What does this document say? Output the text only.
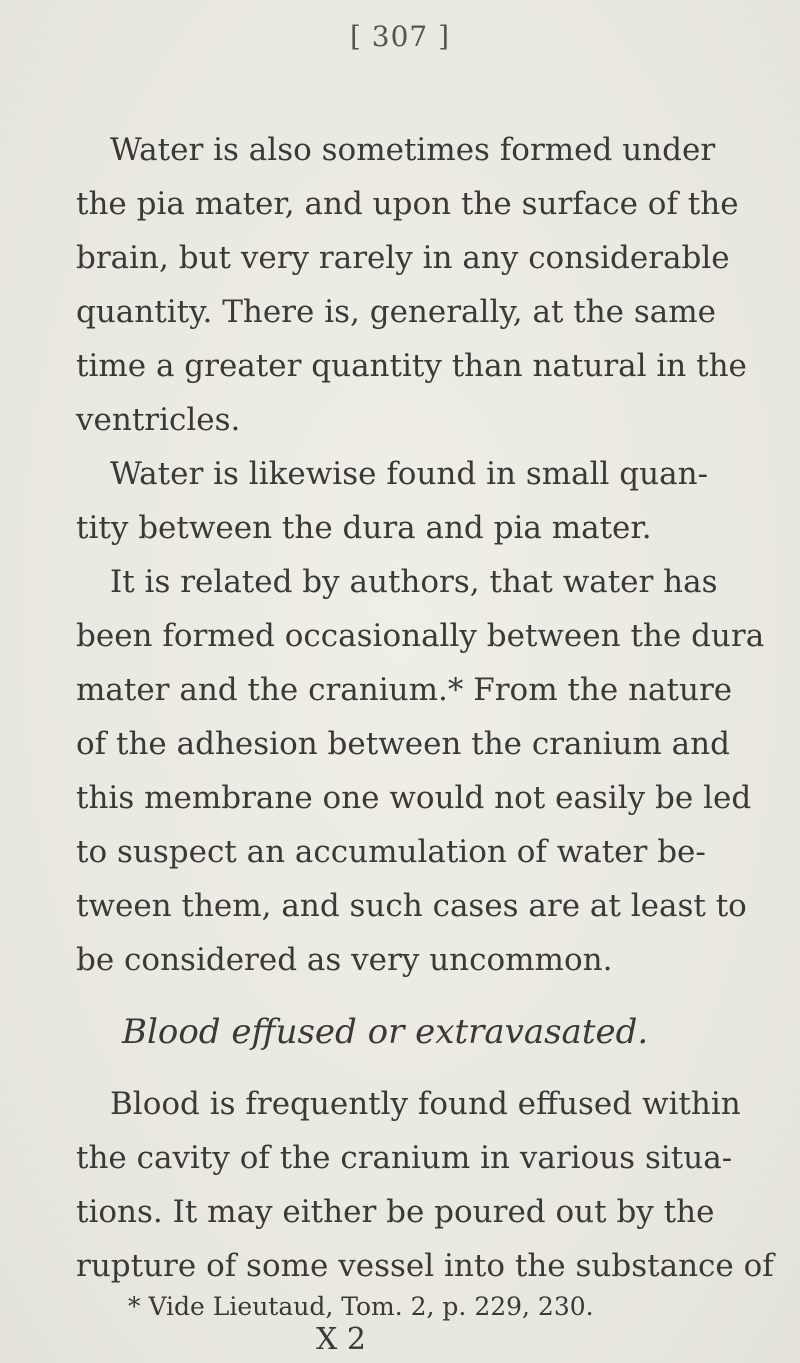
[ 307 ]
Water is also sometimes formed under
the pia mater, and upon the surface of the
brain, but very rarely in any considerable
quantity. There is, generally, at the same
time a greater quantity than natural in the
ventricles.
Water is likewise found in small quan-
tity between the dura and pia mater.
It is related by authors, that water has
been formed occasionally between the dura
mater and the cranium.* From the nature
of the adhesion between the cranium and
this membrane one would not easily be led
to suspect an accumulation of water be-
tween them, and such cases are at least to
be considered as very uncommon.
Blood effused or extravasated.
Blood is frequently found effused within
the cavity of the cranium in various situa-
tions. It may either be poured out by the
rupture of some vessel into the substance of
* Vide Lieutaud, Tom. 2, p. 229, 230.
X 2
